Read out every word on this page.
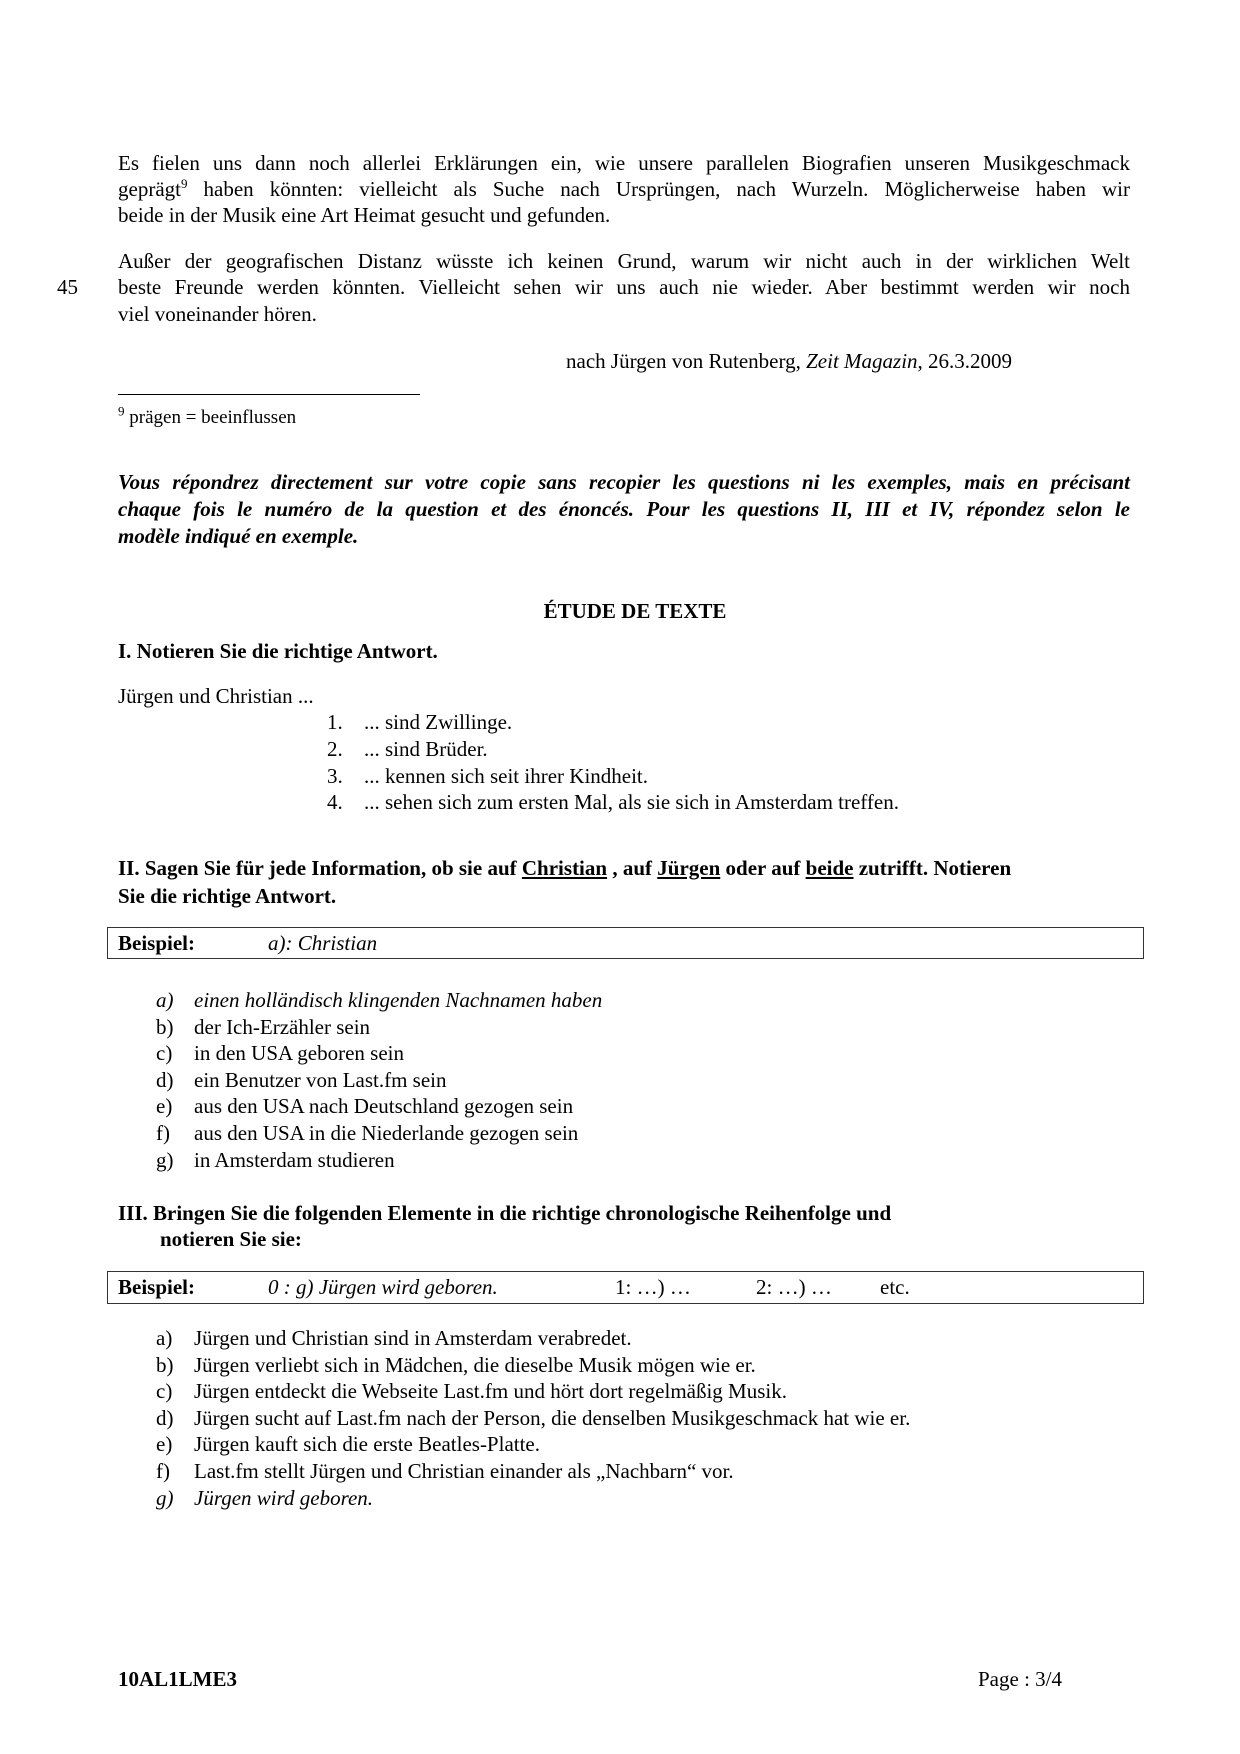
Es fielen uns dann noch allerlei Erklärungen ein, wie unsere parallelen Biografien unseren Musikgeschmack
geprägt$^9$ haben könnten: vielleicht als Suche nach Ursprüngen, nach Wurzeln. Möglicherweise haben wir
beide in der Musik eine Art Heimat gesucht und gefunden.
Außer der geografischen Distanz wüsste ich keinen Grund, warum wir nicht auch in der wirklichen Welt
beste Freunde werden könnten. Vielleicht sehen wir uns auch nie wieder. Aber bestimmt werden wir noch
45
viel voneinander hören.
nach Jürgen von Rutenberg, Zeit Magazin, 26.3.2009
$^9$ prägen = beeinflussen
Vous répondrez directement sur votre copie sans recopier les questions ni les exemples, mais en précisant
chaque fois le numéro de la question et des énoncés. Pour les questions II, III et IV, répondez selon le
modèle indiqué en exemple.
ÉTUDE DE TEXTE
I. Notieren Sie die richtige Antwort.
Jürgen und Christian ...
1. ... sind Zwillinge.
2. ... sind Brüder.
3. ... kennen sich seit ihrer Kindheit.
4. ... sehen sich zum ersten Mal, als sie sich in Amsterdam treffen.
II. Sagen Sie für jede Information, ob sie auf Christian , auf Jürgen oder auf beide zutrifft. Notieren
Sie die richtige Antwort.
Beispiel:	a): Christian
a) einen holländisch klingenden Nachnamen haben
b) der Ich-Erzähler sein
c) in den USA geboren sein
d) ein Benutzer von Last.fm sein
e) aus den USA nach Deutschland gezogen sein
f) aus den USA in die Niederlande gezogen sein
g) in Amsterdam studieren
III. Bringen Sie die folgenden Elemente in die richtige chronologische Reihenfolge und
notieren Sie sie:
Beispiel:	0 : g) Jürgen wird geboren.	1: …) …	2: …) … etc.
a) Jürgen und Christian sind in Amsterdam verabredet.
b) Jürgen verliebt sich in Mädchen, die dieselbe Musik mögen wie er.
c) Jürgen entdeckt die Webseite Last.fm und hört dort regelmäßig Musik.
d) Jürgen sucht auf Last.fm nach der Person, die denselben Musikgeschmack hat wie er.
e) Jürgen kauft sich die erste Beatles-Platte.
f) Last.fm stellt Jürgen und Christian einander als „Nachbarn“ vor.
g) Jürgen wird geboren.
10AL1LME3	Page : 3/4
